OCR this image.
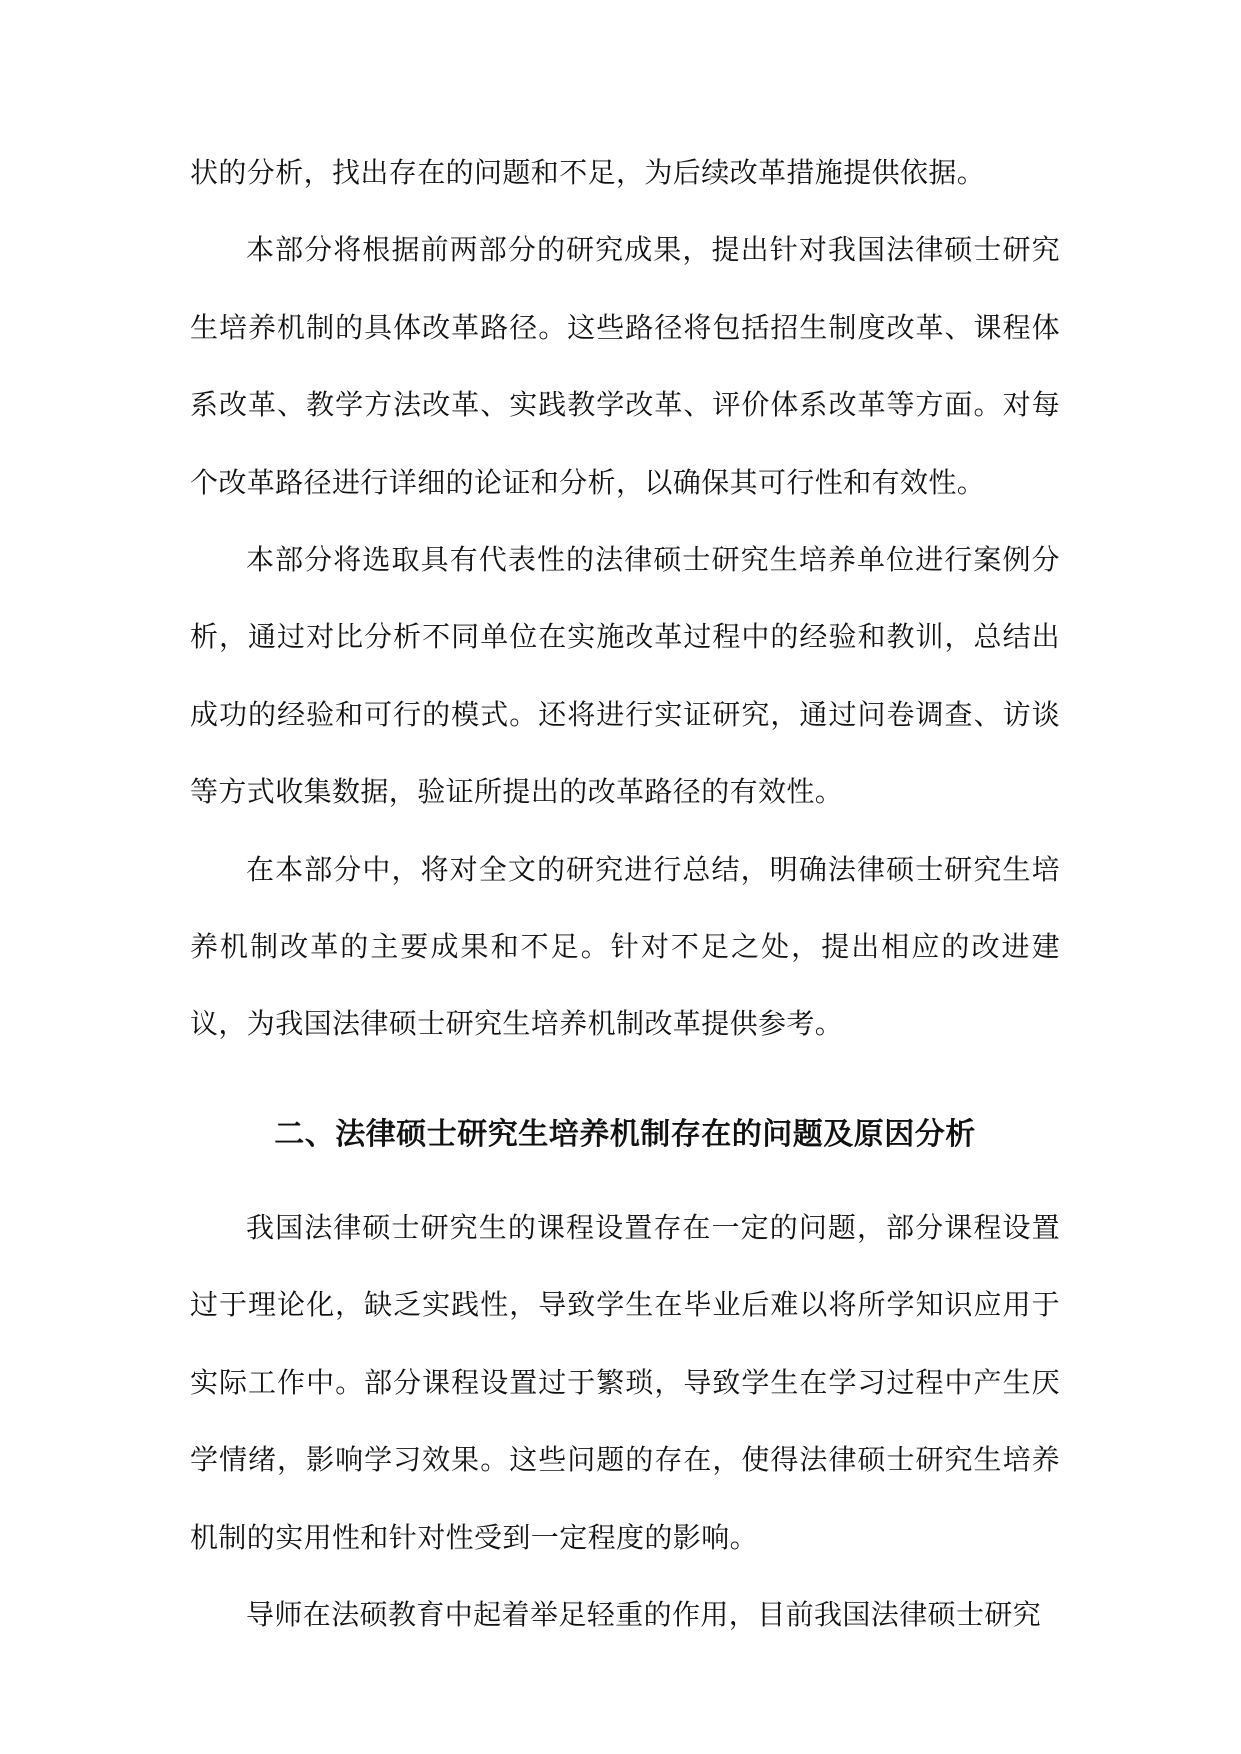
状的分析，找出存在的问题和不足，为后续改革措施提供依据。

本部分将根据前两部分的研究成果，提出针对我国法律硕士研究生培养机制的具体改革路径。这些路径将包括招生制度改革、课程体系改革、教学方法改革、实践教学改革、评价体系改革等方面。对每个改革路径进行详细的论证和分析，以确保其可行性和有效性。

本部分将选取具有代表性的法律硕士研究生培养单位进行案例分析，通过对比分析不同单位在实施改革过程中的经验和教训，总结出成功的经验和可行的模式。还将进行实证研究，通过问卷调查、访谈等方式收集数据，验证所提出的改革路径的有效性。

在本部分中，将对全文的研究进行总结，明确法律硕士研究生培养机制改革的主要成果和不足。针对不足之处，提出相应的改进建议，为我国法律硕士研究生培养机制改革提供参考。

二、法律硕士研究生培养机制存在的问题及原因分析

我国法律硕士研究生的课程设置存在一定的问题，部分课程设置过于理论化，缺乏实践性，导致学生在毕业后难以将所学知识应用于实际工作中。部分课程设置过于繁琐，导致学生在学习过程中产生厌学情绪，影响学习效果。这些问题的存在，使得法律硕士研究生培养机制的实用性和针对性受到一定程度的影响。

导师在法硕教育中起着举足轻重的作用，目前我国法律硕士研究
